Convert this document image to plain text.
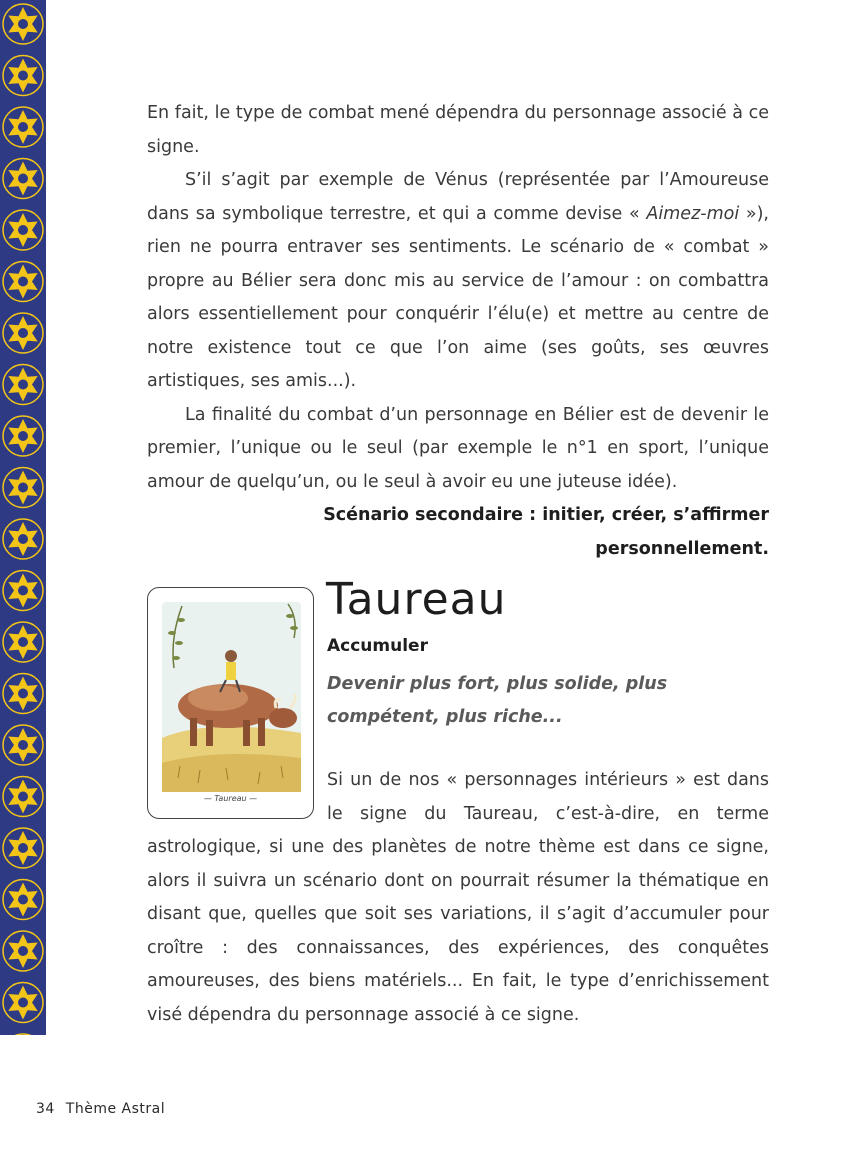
En fait, le type de combat mené dépendra du personnage associé à ce signe.

S’il s’agit par exemple de Vénus (représentée par l’Amoureuse dans sa symbolique terrestre, et qui a comme devise « Aimez-moi »), rien ne pourra entraver ses sentiments. Le scénario de « combat » propre au Bélier sera donc mis au service de l’amour : on combattra alors essentiellement pour conquérir l’élu(e) et mettre au centre de notre existence tout ce que l’on aime (ses goûts, ses œuvres artistiques, ses amis...).

La finalité du combat d’un personnage en Bélier est de devenir le premier, l’unique ou le seul (par exemple le n°1 en sport, l’unique amour de quelqu’un, ou le seul à avoir eu une juteuse idée).

Scénario secondaire : initier, créer, s’affirmer personnellement.

— Taureau —
Taureau
Accumuler
Devenir plus fort, plus solide, plus compétent, plus riche...

Si un de nos « personnages intérieurs » est dans le signe du Taureau, c’est-à-dire, en terme astrologique, si une des planètes de notre thème est dans ce signe, alors il suivra un scénario dont on pourrait résumer la thématique en disant que, quelles que soit ses variations, il s’agit d’accumuler pour croître : des connaissances, des expériences, des conquêtes amoureuses, des biens matériels... En fait, le type d’enrichissement visé dépendra du personnage associé à ce signe.

34 Thème Astral
